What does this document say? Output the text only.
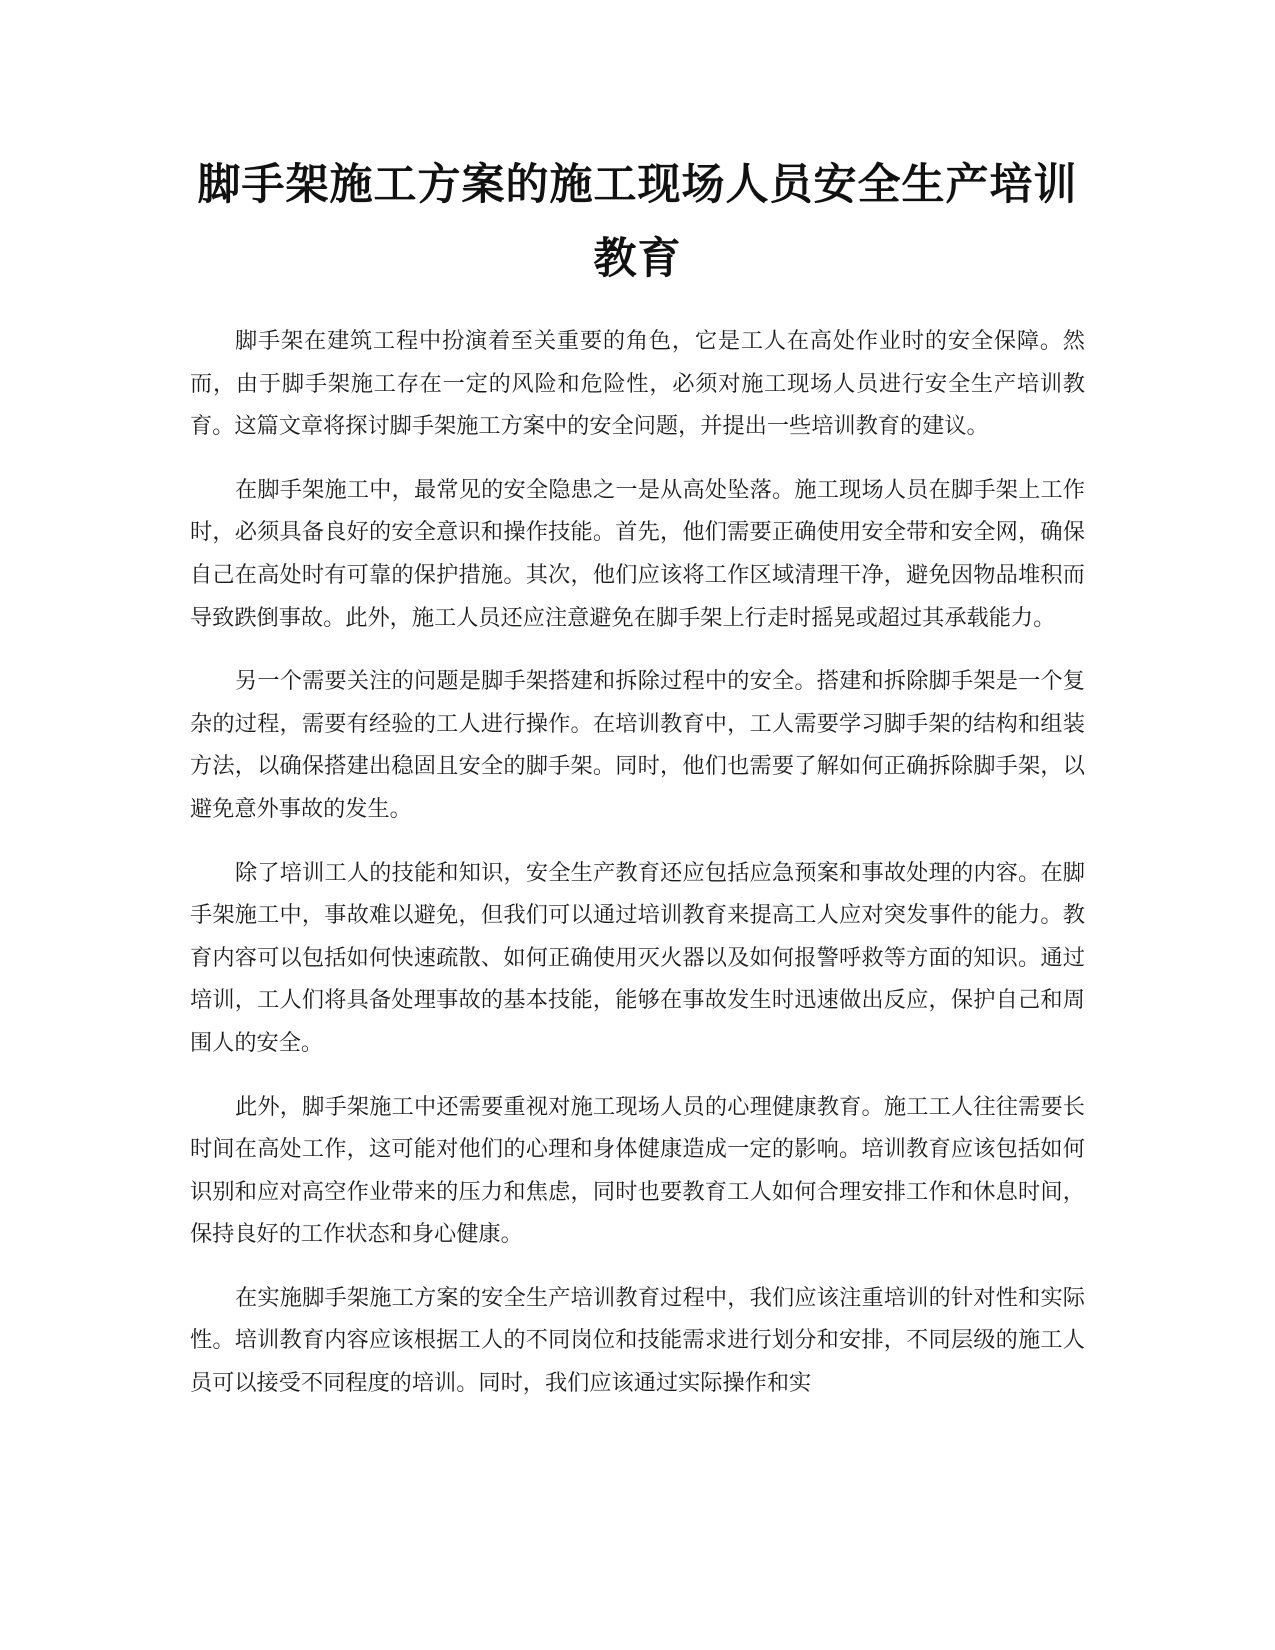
脚手架施工方案的施工现场人员安全生产培训教育

脚手架在建筑工程中扮演着至关重要的角色，它是工人在高处作业时的安全保障。然而，由于脚手架施工存在一定的风险和危险性，必须对施工现场人员进行安全生产培训教育。这篇文章将探讨脚手架施工方案中的安全问题，并提出一些培训教育的建议。

在脚手架施工中，最常见的安全隐患之一是从高处坠落。施工现场人员在脚手架上工作时，必须具备良好的安全意识和操作技能。首先，他们需要正确使用安全带和安全网，确保自己在高处时有可靠的保护措施。其次，他们应该将工作区域清理干净，避免因物品堆积而导致跌倒事故。此外，施工人员还应注意避免在脚手架上行走时摇晃或超过其承载能力。

另一个需要关注的问题是脚手架搭建和拆除过程中的安全。搭建和拆除脚手架是一个复杂的过程，需要有经验的工人进行操作。在培训教育中，工人需要学习脚手架的结构和组装方法，以确保搭建出稳固且安全的脚手架。同时，他们也需要了解如何正确拆除脚手架，以避免意外事故的发生。

除了培训工人的技能和知识，安全生产教育还应包括应急预案和事故处理的内容。在脚手架施工中，事故难以避免，但我们可以通过培训教育来提高工人应对突发事件的能力。教育内容可以包括如何快速疏散、如何正确使用灭火器以及如何报警呼救等方面的知识。通过培训，工人们将具备处理事故的基本技能，能够在事故发生时迅速做出反应，保护自己和周围人的安全。

此外，脚手架施工中还需要重视对施工现场人员的心理健康教育。施工工人往往需要长时间在高处工作，这可能对他们的心理和身体健康造成一定的影响。培训教育应该包括如何识别和应对高空作业带来的压力和焦虑，同时也要教育工人如何合理安排工作和休息时间，保持良好的工作状态和身心健康。

在实施脚手架施工方案的安全生产培训教育过程中，我们应该注重培训的针对性和实际性。培训教育内容应该根据工人的不同岗位和技能需求进行划分和安排，不同层级的施工人员可以接受不同程度的培训。同时，我们应该通过实际操作和实
